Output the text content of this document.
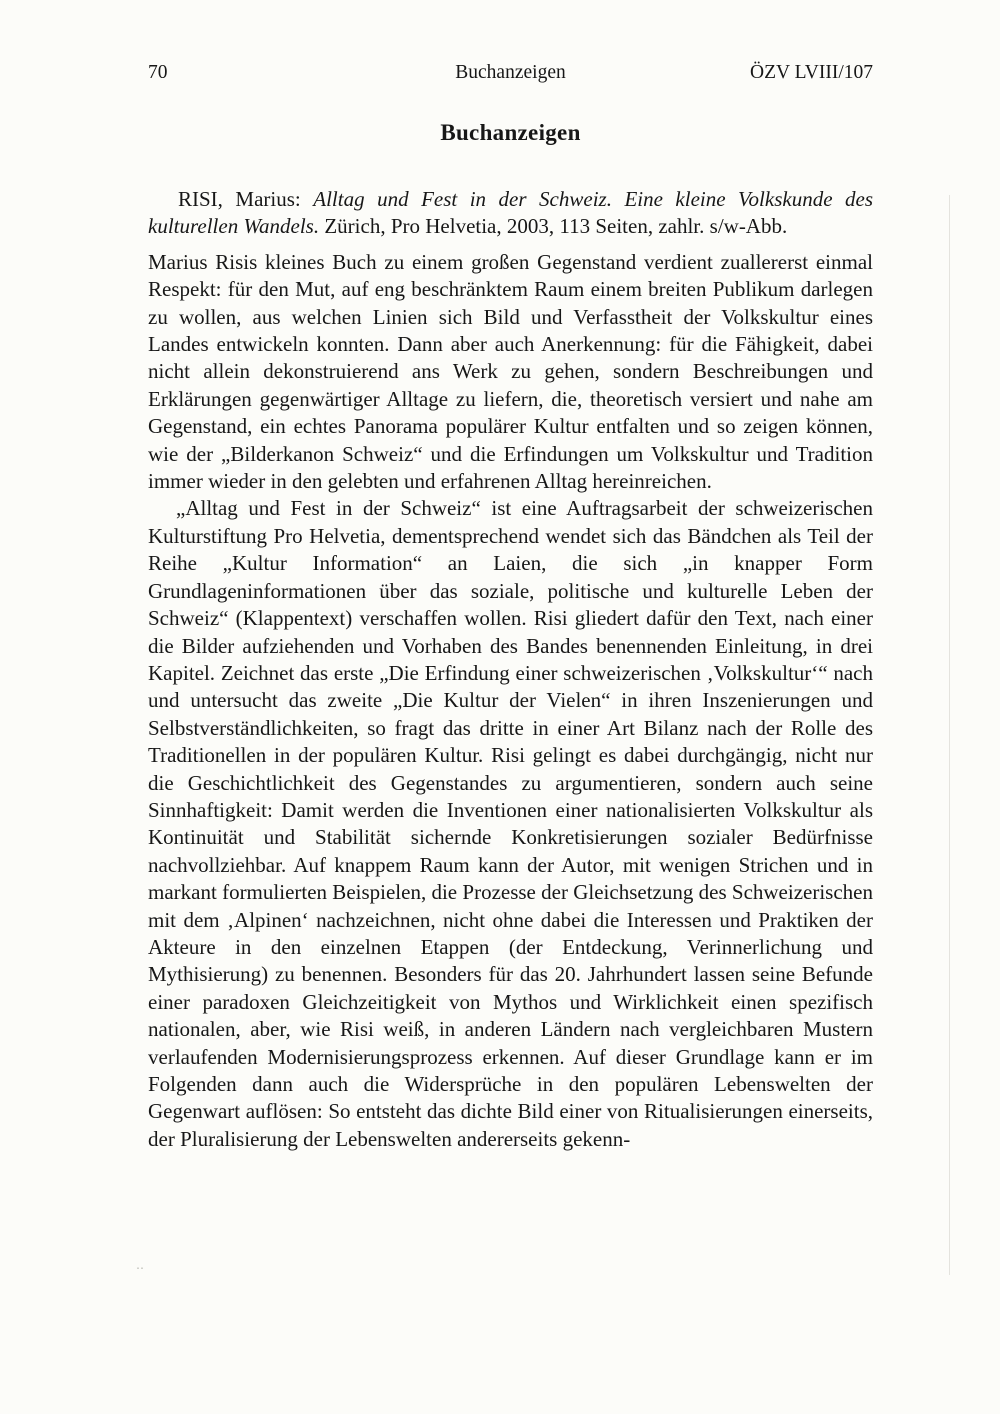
70	Buchanzeigen	ÖZV LVIII/107
Buchanzeigen

RISI, Marius: Alltag und Fest in der Schweiz. Eine kleine Volkskunde des kulturellen Wandels. Zürich, Pro Helvetia, 2003, 113 Seiten, zahlr. s/w-Abb.

Marius Risis kleines Buch zu einem großen Gegenstand verdient zuallererst einmal Respekt: für den Mut, auf eng beschränktem Raum einem breiten Publikum darlegen zu wollen, aus welchen Linien sich Bild und Verfasstheit der Volkskultur eines Landes entwickeln konnten. Dann aber auch Anerkennung: für die Fähigkeit, dabei nicht allein dekonstruierend ans Werk zu gehen, sondern Beschreibungen und Erklärungen gegenwärtiger Alltage zu liefern, die, theoretisch versiert und nahe am Gegenstand, ein echtes Panorama populärer Kultur entfalten und so zeigen können, wie der „Bilderkanon Schweiz“ und die Erfindungen um Volkskultur und Tradition immer wieder in den gelebten und erfahrenen Alltag hereinreichen.

„Alltag und Fest in der Schweiz“ ist eine Auftragsarbeit der schweizerischen Kulturstiftung Pro Helvetia, dementsprechend wendet sich das Bändchen als Teil der Reihe „Kultur Information“ an Laien, die sich „in knapper Form Grundlageninformationen über das soziale, politische und kulturelle Leben der Schweiz“ (Klappentext) verschaffen wollen. Risi gliedert dafür den Text, nach einer die Bilder aufziehenden und Vorhaben des Bandes benennenden Einleitung, in drei Kapitel. Zeichnet das erste „Die Erfindung einer schweizerischen ‚Volkskultur‘“ nach und untersucht das zweite „Die Kultur der Vielen“ in ihren Inszenierungen und Selbstverständlichkeiten, so fragt das dritte in einer Art Bilanz nach der Rolle des Traditionellen in der populären Kultur. Risi gelingt es dabei durchgängig, nicht nur die Geschichtlichkeit des Gegenstandes zu argumentieren, sondern auch seine Sinnhaftigkeit: Damit werden die Inventionen einer nationalisierten Volkskultur als Kontinuität und Stabilität sichernde Konkretisierungen sozialer Bedürfnisse nachvollziehbar. Auf knappem Raum kann der Autor, mit wenigen Strichen und in markant formulierten Beispielen, die Prozesse der Gleichsetzung des Schweizerischen mit dem ‚Alpinen‘ nachzeichnen, nicht ohne dabei die Interessen und Praktiken der Akteure in den einzelnen Etappen (der Entdeckung, Verinnerlichung und Mythisierung) zu benennen. Besonders für das 20. Jahrhundert lassen seine Befunde einer paradoxen Gleichzeitigkeit von Mythos und Wirklichkeit einen spezifisch nationalen, aber, wie Risi weiß, in anderen Ländern nach vergleichbaren Mustern verlaufenden Modernisierungsprozess erkennen. Auf dieser Grundlage kann er im Folgenden dann auch die Widersprüche in den populären Lebenswelten der Gegenwart auflösen: So entsteht das dichte Bild einer von Ritualisierungen einerseits, der Pluralisierung der Lebenswelten andererseits gekenn-

‥
